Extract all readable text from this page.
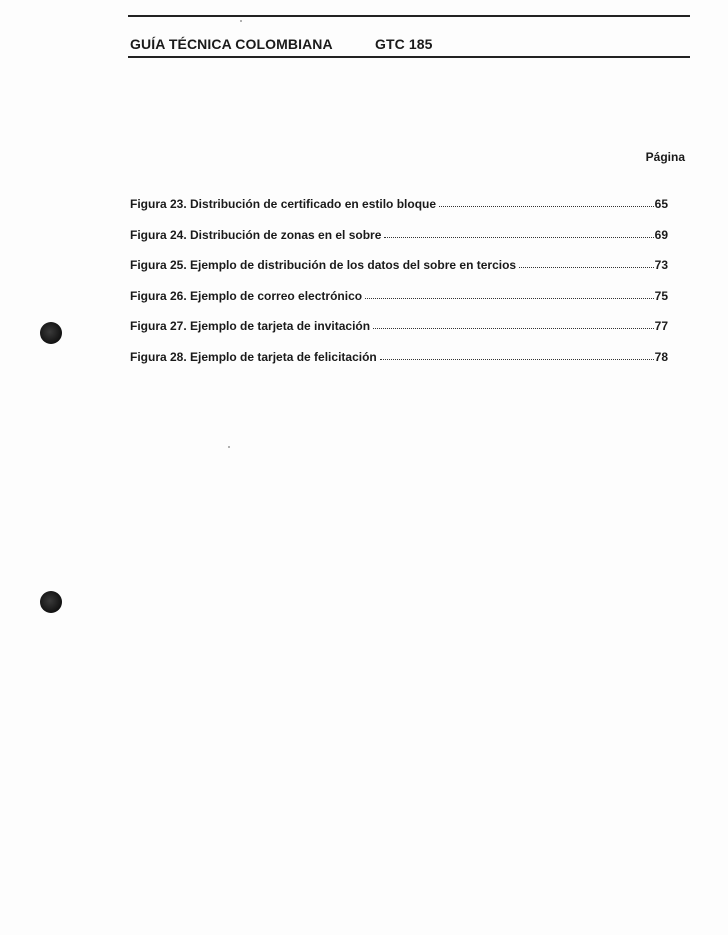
GUÍA TÉCNICA COLOMBIANA	GTC 185
Página
Figura 23. Distribución de certificado en estilo bloque	65
Figura 24. Distribución de zonas en el sobre	69
Figura 25. Ejemplo de distribución de los datos del sobre en tercios	73
Figura 26. Ejemplo de correo electrónico	75
Figura 27. Ejemplo de tarjeta de invitación	77
Figura 28. Ejemplo de tarjeta de felicitación	78
